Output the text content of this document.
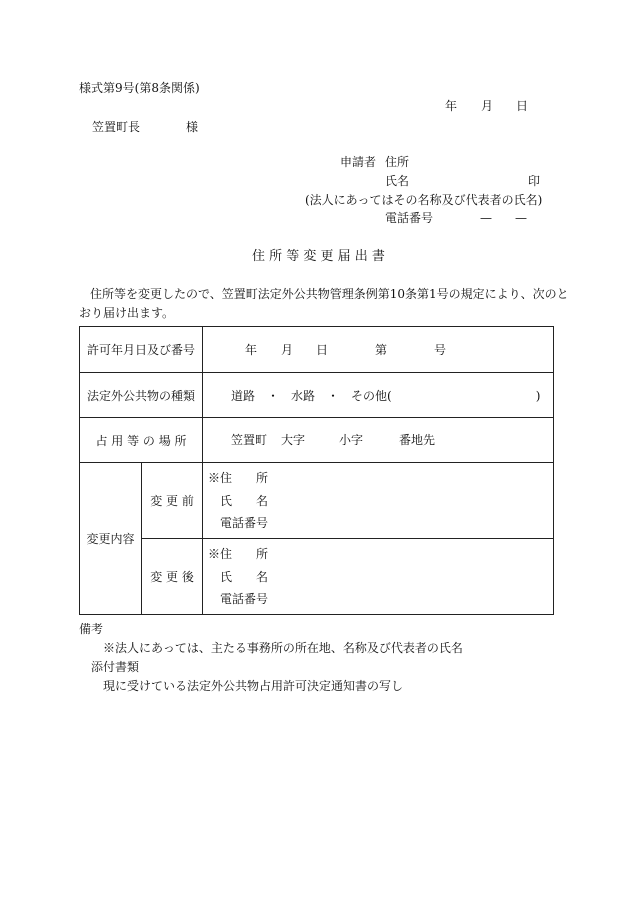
様式第9号(第8条関係)
年 月 日
笠置町長	様
申請者 住所
氏名	印
(法人にあってはその名称及び代表者の氏名)
電話番号	— —
住 所 等 変 更 届 出 書
住所等を変更したので、笠置町法定外公共物管理条例第10条第1号の規定により、次のと
おり届け出ます。
許可年月日及び番号		年 月 日 第 号

法定外公共物の種類		道路　・　水路　・　その他(　　　　　　　　　　　　)
占 用 等 の 場 所		笠置町 大字 小字 番地先

変更内容	変 更 前	※住　　所
氏　　名
電話番号

	変 更 後	※住　　所
氏　　名
電話番号
備考
※法人にあっては、主たる事務所の所在地、名称及び代表者の氏名
添付書類
現に受けている法定外公共物占用許可決定通知書の写し
